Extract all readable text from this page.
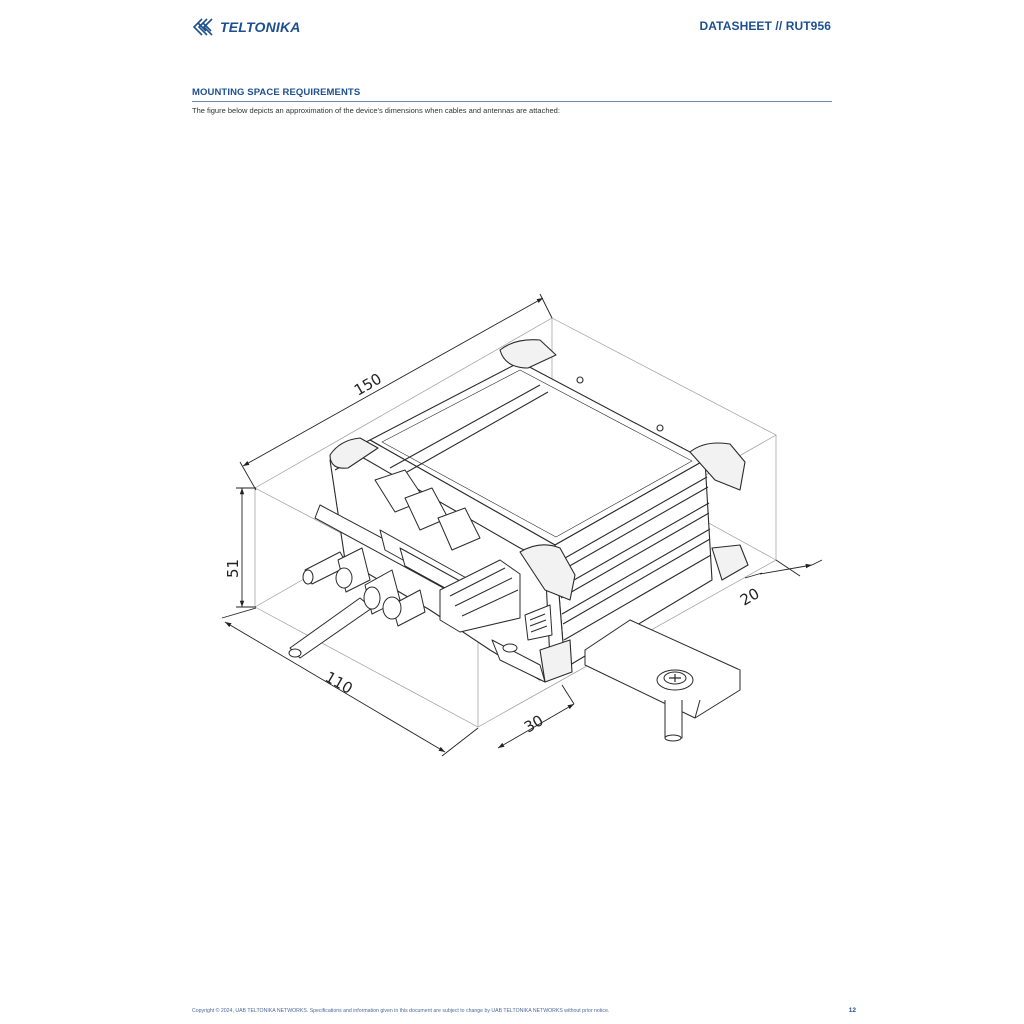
TELTONIKA	DATASHEET // RUT956
MOUNTING SPACE REQUIREMENTS
The figure below depicts an approximation of the device's dimensions when cables and antennas are attached:
150
51
110
30
20
Copyright © 2024, UAB TELTONIKA NETWORKS. Specifications and information given in this document are subject to change by UAB TELTONIKA NETWORKS without prior notice.	12
